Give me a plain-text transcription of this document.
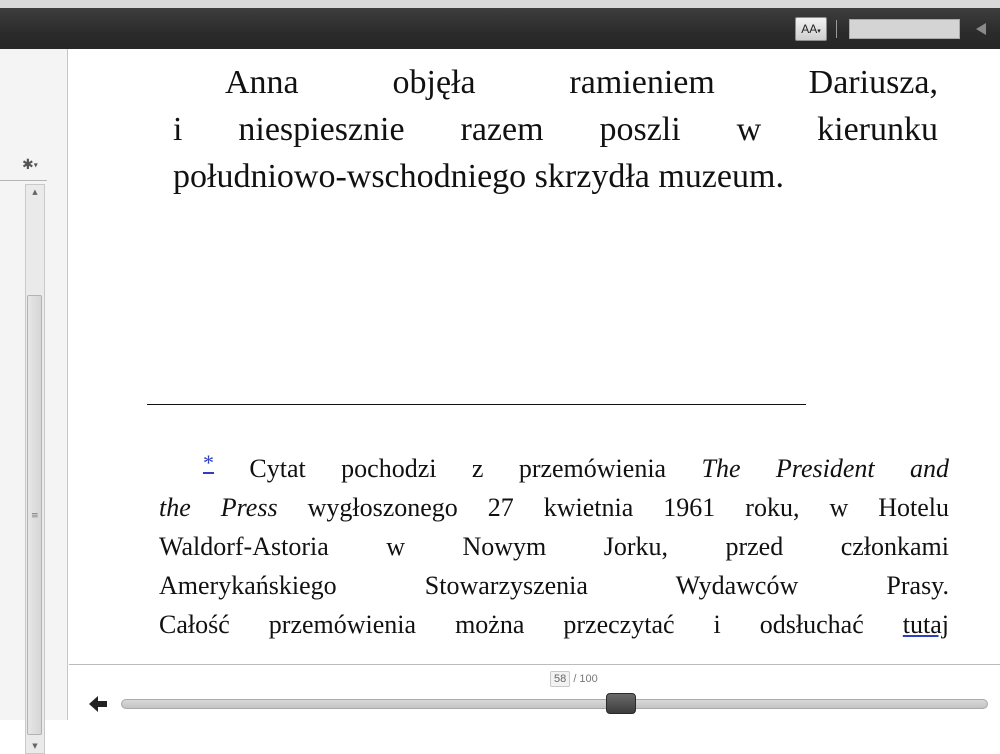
AA▾
✱▾
▲
≡
▼
Anna objęła ramieniem Dariusza,
i niespiesznie razem poszli w kierunku
południowo-wschodniego skrzydła muzeum.
* Cytat pochodzi z przemówienia The President and
the Press wygłoszonego 27 kwietnia 1961 roku, w Hotelu
Waldorf-Astoria w Nowym Jorku, przed członkami
Amerykańskiego Stowarzyszenia Wydawców Prasy.
Całość przemówienia można przeczytać i odsłuchać tutaj
58 / 100
